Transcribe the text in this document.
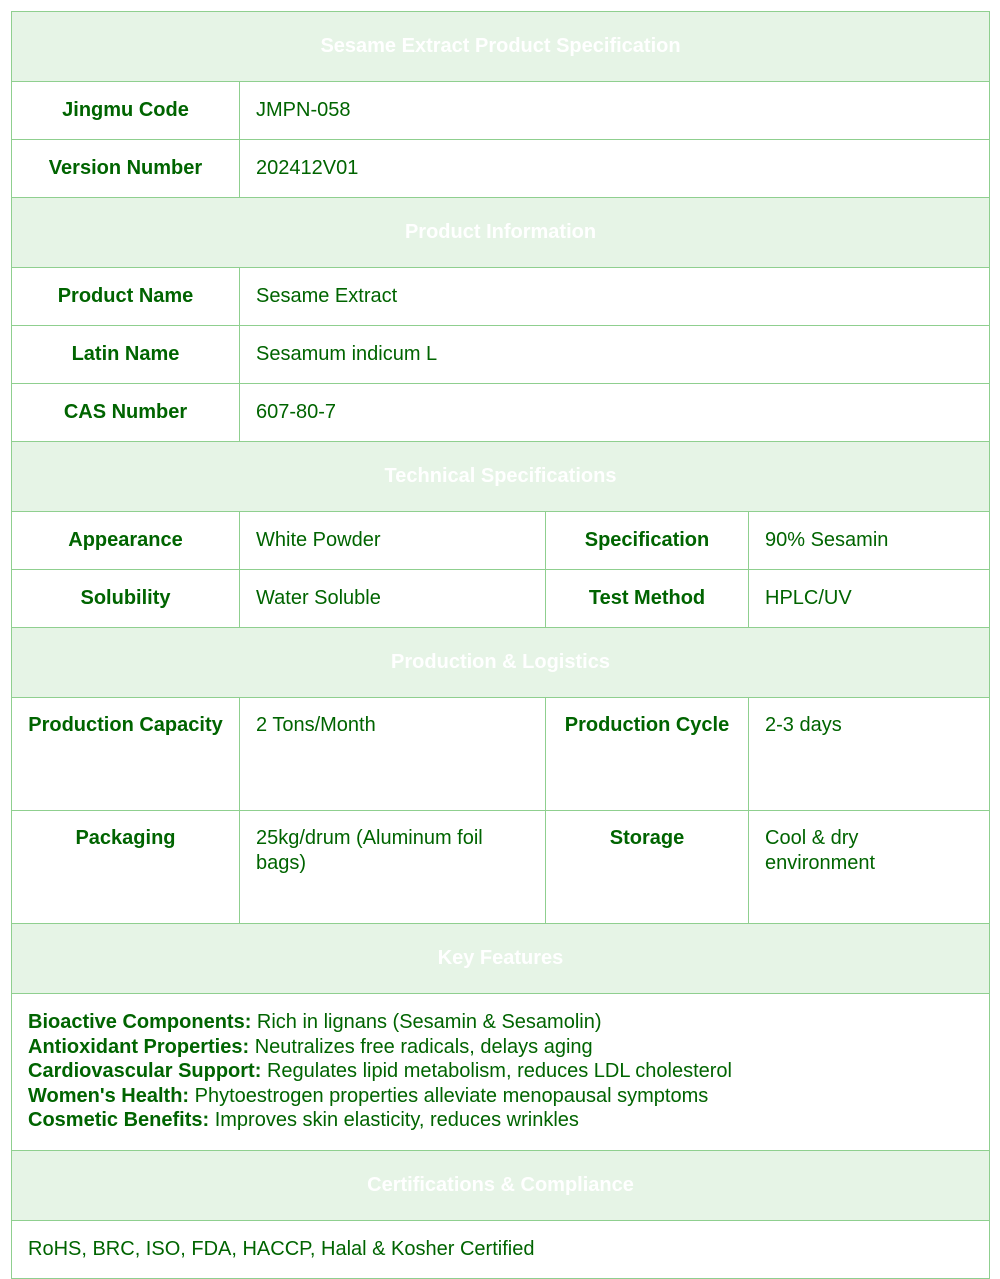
Sesame Extract Product Specification			
Jingmu Code	JMPN-058		
Version Number	202412V01		
Product Information			
Product Name	Sesame Extract		
Latin Name	Sesamum indicum L		
CAS Number	607-80-7		
Technical Specifications			
Appearance	White Powder	Specification	90% Sesamin
Solubility	Water Soluble	Test Method	HPLC/UV
Production & Logistics			
Production Capacity	2 Tons/Month	Production Cycle	2-3 days
Packaging	25kg/drum (Aluminum foil bags)	Storage	Cool & dry environment
Key Features			

Bioactive Components: Rich in lignans (Sesamin & Sesamolin)
Antioxidant Properties: Neutralizes free radicals, delays aging
Cardiovascular Support: Regulates lipid metabolism, reduces LDL cholesterol
Women's Health: Phytoestrogen properties alleviate menopausal symptoms
Cosmetic Benefits: Improves skin elasticity, reduces wrinkles			

Certifications & Compliance			
RoHS, BRC, ISO, FDA, HACCP, Halal & Kosher Certified			
